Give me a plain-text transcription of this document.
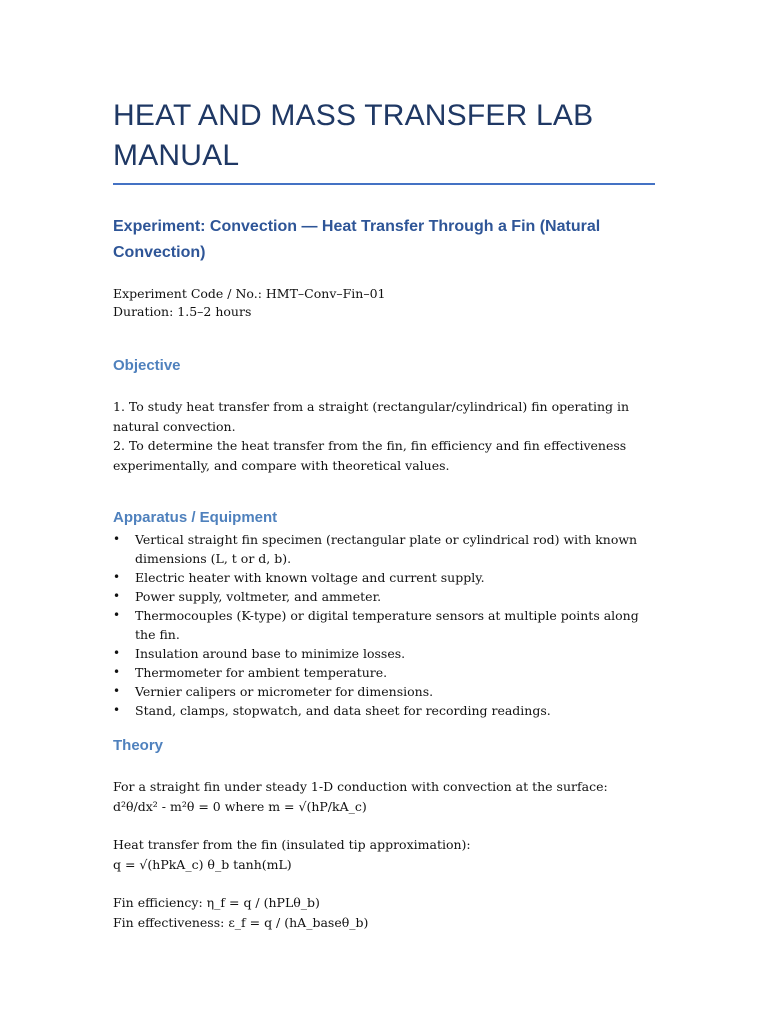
HEAT AND MASS TRANSFER LAB
MANUAL
Experiment: Convection — Heat Transfer Through a Fin (Natural
Convection)
Experiment Code / No.: HMT–Conv–Fin–01
Duration: 1.5–2 hours
Objective

1. To study heat transfer from a straight (rectangular/cylindrical) fin operating in natural convection.

2. To determine the heat transfer from the fin, fin efficiency and fin effectiveness experimentally, and compare with theoretical values.

Apparatus / Equipment
• Vertical straight fin specimen (rectangular plate or cylindrical rod) with known dimensions (L, t or d, b).
• Electric heater with known voltage and current supply.
• Power supply, voltmeter, and ammeter.
• Thermocouples (K-type) or digital temperature sensors at multiple points along the fin.
• Insulation around base to minimize losses.
• Thermometer for ambient temperature.
• Vernier calipers or micrometer for dimensions.
• Stand, clamps, stopwatch, and data sheet for recording readings.
Theory

For a straight fin under steady 1-D conduction with convection at the surface:

d²θ/dx² - m²θ = 0 where m = √(hP/kA_c)

Heat transfer from the fin (insulated tip approximation):

q = √(hPkA_c) θ_b tanh(mL)

Fin efficiency: η_f = q / (hPLθ_b)

Fin effectiveness: ε_f = q / (hA_baseθ_b)
